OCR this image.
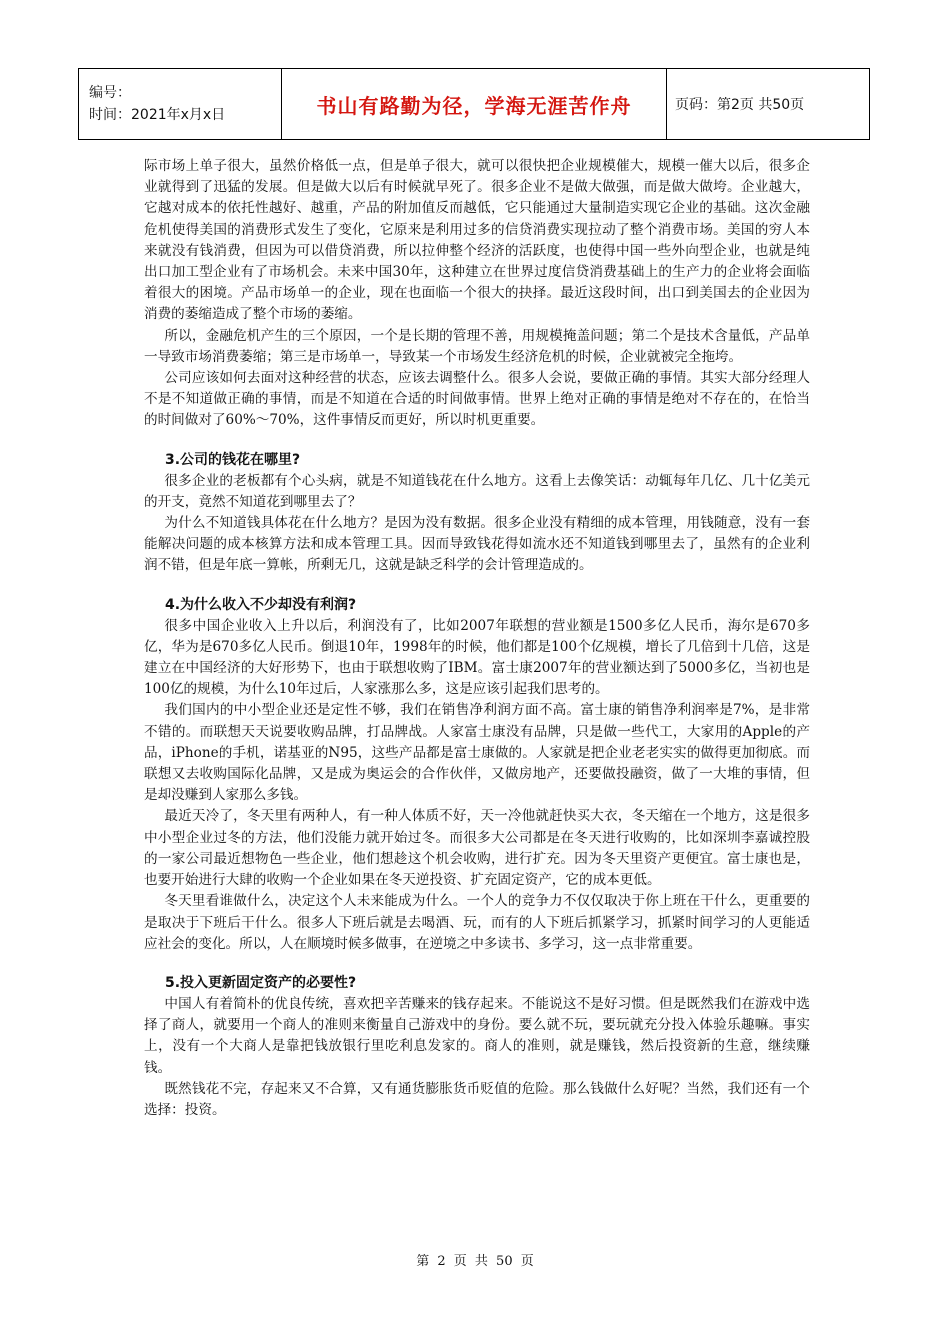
编号：
时间：2021年x月x日	书山有路勤为径，学海无涯苦作舟	页码：第2页 共50页

际市场上单子很大，虽然价格低一点，但是单子很大，就可以很快把企业规模催大，规模一催大以后，很多企业就得到了迅猛的发展。但是做大以后有时候就早死了。很多企业不是做大做强，而是做大做垮。企业越大，它越对成本的依托性越好、越重，产品的附加值反而越低，它只能通过大量制造实现它企业的基础。这次金融危机使得美国的消费形式发生了变化，它原来是利用过多的信贷消费实现拉动了整个消费市场。美国的穷人本来就没有钱消费，但因为可以借贷消费，所以拉伸整个经济的活跃度，也使得中国一些外向型企业，也就是纯出口加工型企业有了市场机会。未来中国30年，这种建立在世界过度信贷消费基础上的生产力的企业将会面临着很大的困境。产品市场单一的企业，现在也面临一个很大的抉择。最近这段时间，出口到美国去的企业因为消费的萎缩造成了整个市场的萎缩。

所以，金融危机产生的三个原因，一个是长期的管理不善，用规模掩盖问题；第二个是技术含量低，产品单一导致市场消费萎缩；第三是市场单一，导致某一个市场发生经济危机的时候，企业就被完全拖垮。

公司应该如何去面对这种经营的状态，应该去调整什么。很多人会说，要做正确的事情。其实大部分经理人不是不知道做正确的事情，而是不知道在合适的时间做事情。世界上绝对正确的事情是绝对不存在的，在恰当的时间做对了60%～70%，这件事情反而更好，所以时机更重要。

3.公司的钱花在哪里?

很多企业的老板都有个心头病，就是不知道钱花在什么地方。这看上去像笑话：动辄每年几亿、几十亿美元的开支，竟然不知道花到哪里去了？

为什么不知道钱具体花在什么地方？是因为没有数据。很多企业没有精细的成本管理，用钱随意，没有一套能解决问题的成本核算方法和成本管理工具。因而导致钱花得如流水还不知道钱到哪里去了，虽然有的企业利润不错，但是年底一算帐，所剩无几，这就是缺乏科学的会计管理造成的。

4.为什么收入不少却没有利润?

很多中国企业收入上升以后，利润没有了，比如2007年联想的营业额是1500多亿人民币，海尔是670多亿，华为是670多亿人民币。倒退10年，1998年的时候，他们都是100个亿规模，增长了几倍到十几倍，这是建立在中国经济的大好形势下，也由于联想收购了IBM。富士康2007年的营业额达到了5000多亿，当初也是100亿的规模，为什么10年过后，人家涨那么多，这是应该引起我们思考的。

我们国内的中小型企业还是定性不够，我们在销售净利润方面不高。富士康的销售净利润率是7%，是非常不错的。而联想天天说要收购品牌，打品牌战。人家富士康没有品牌，只是做一些代工，大家用的Apple的产品，iPhone的手机，诺基亚的N95，这些产品都是富士康做的。人家就是把企业老老实实的做得更加彻底。而联想又去收购国际化品牌，又是成为奥运会的合作伙伴，又做房地产，还要做投融资，做了一大堆的事情，但是却没赚到人家那么多钱。

最近天冷了，冬天里有两种人，有一种人体质不好，天一冷他就赶快买大衣，冬天缩在一个地方，这是很多中小型企业过冬的方法，他们没能力就开始过冬。而很多大公司都是在冬天进行收购的，比如深圳李嘉诚控股的一家公司最近想物色一些企业，他们想趁这个机会收购，进行扩充。因为冬天里资产更便宜。富士康也是，也要开始进行大肆的收购一个企业如果在冬天逆投资、扩充固定资产，它的成本更低。

冬天里看谁做什么，决定这个人未来能成为什么。一个人的竞争力不仅仅取决于你上班在干什么，更重要的是取决于下班后干什么。很多人下班后就是去喝酒、玩，而有的人下班后抓紧学习，抓紧时间学习的人更能适应社会的变化。所以，人在顺境时候多做事，在逆境之中多读书、多学习，这一点非常重要。

5.投入更新固定资产的必要性?

中国人有着简朴的优良传统，喜欢把辛苦赚来的钱存起来。不能说这不是好习惯。但是既然我们在游戏中选择了商人，就要用一个商人的准则来衡量自己游戏中的身份。要么就不玩，要玩就充分投入体验乐趣嘛。事实上，没有一个大商人是靠把钱放银行里吃利息发家的。商人的准则，就是赚钱，然后投资新的生意，继续赚钱。

既然钱花不完，存起来又不合算，又有通货膨胀货币贬值的危险。那么钱做什么好呢？当然，我们还有一个选择：投资。

第 2 页 共 50 页
